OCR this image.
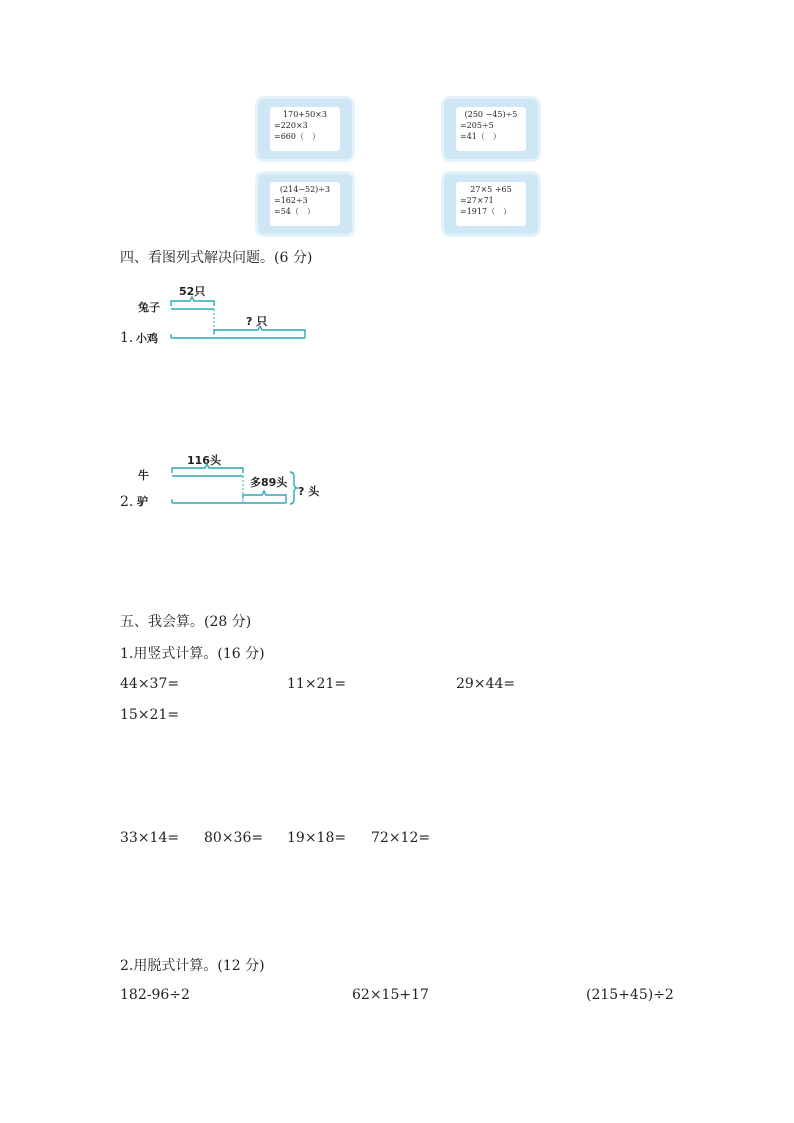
170+50×3
=220×3
=660（　）
(250 −45)÷5
=205÷5
=41（　）
(214−52)÷3
=162÷3
=54（　）
27×5 +65
=27×71
=1917（　）
四、看图列式解决问题。(6 分)
52只
兔子
1. 小鸡
? 只
116头
牛
多89头
? 头
2. 驴
五、我会算。(28 分)
1.用竖式计算。(16 分)
44×37=	11×21=	29×44=
15×21=
33×14= 80×36= 19×18= 72×12=
2.用脱式计算。(12 分)
182-96÷2	62×15+17	(215+45)÷2
